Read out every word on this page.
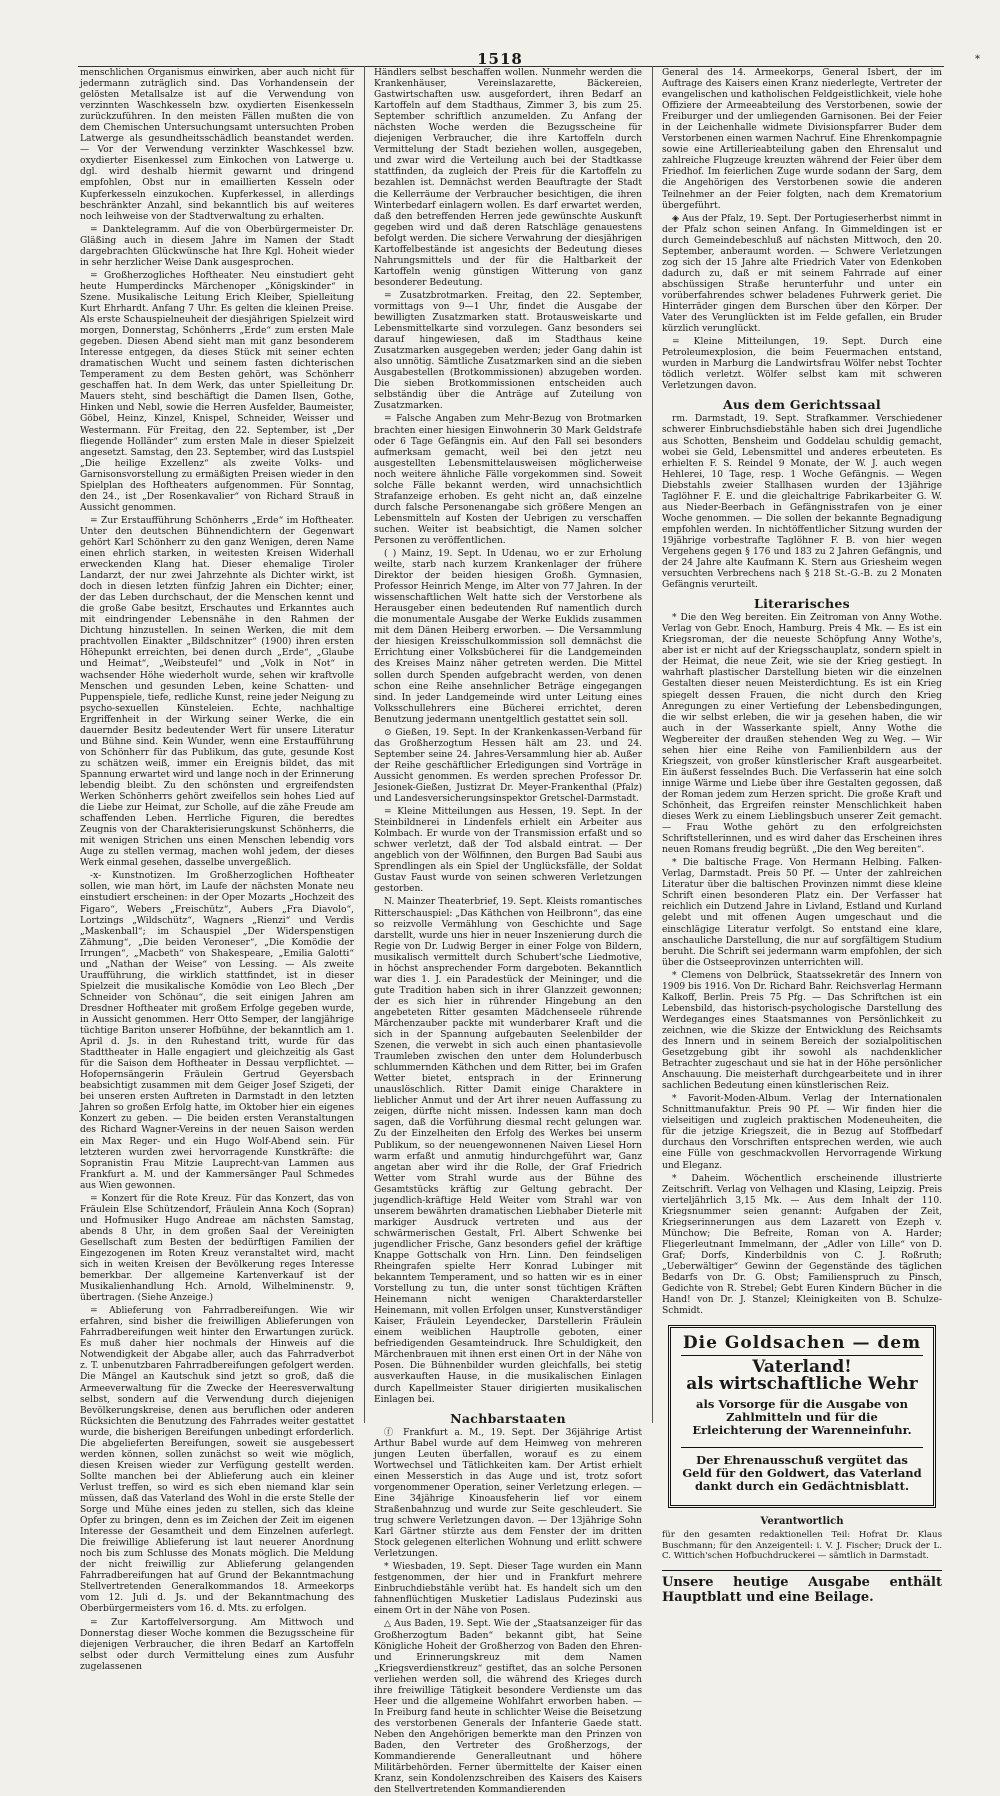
1518	*

menschlichen Organismus einwirken, aber auch nicht für jedermann zuträglich sind. Das Vorhandensein der gelösten Metallsalze ist auf die Verwendung von verzinnten Waschkesseln bzw. oxydierten Eisenkesseln zurückzuführen. In den meisten Fällen mußten die von dem Chemischen Untersuchungsamt untersuchten Proben Latwerge als gesundheitsschädlich beanstandet werden. — Vor der Verwendung verzinkter Waschkessel bzw. oxydierter Eisenkessel zum Einkochen von Latwerge u. dgl. wird deshalb hiermit gewarnt und dringend empfohlen, Obst nur in emaillierten Kesseln oder Kupferkesseln einzukochen. Kupferkessel, in allerdings beschränkter Anzahl, sind bekanntlich bis auf weiteres noch leihweise von der Stadtverwaltung zu erhalten.

= Danktelegramm. Auf die von Oberbürgermeister Dr. Gläßing auch in diesem Jahre im Namen der Stadt dargebrachten Glückwünsche hat Ihre Kgl. Hoheit wieder in sehr herzlicher Weise Dank ausgesprochen.

= Großherzogliches Hoftheater. Neu einstudiert geht heute Humperdincks Märchenoper „Königskinder“ in Szene. Musikalische Leitung Erich Kleiber, Spielleitung Kurt Ehrhardt. Anfang 7 Uhr. Es gelten die kleinen Preise. Als erste Schauspielneuheit der diesjährigen Spielzeit wird morgen, Donnerstag, Schönherrs „Erde“ zum ersten Male gegeben. Diesen Abend sieht man mit ganz besonderem Interesse entgegen, da dieses Stück mit seiner echten dramatischen Wucht und seinem fasten dichterischen Temperament zu dem Besten gehört, was Schönherr geschaffen hat. In dem Werk, das unter Spielleitung Dr. Mauers steht, sind beschäftigt die Damen Ilsen, Gothe, Hinken und Nebl, sowie die Herren Ausfelder, Baumeister, Göbel, Heinz, Kinzel, Knispel, Schneider, Weisser und Westermann. Für Freitag, den 22. September, ist „Der fliegende Holländer“ zum ersten Male in dieser Spielzeit angesetzt. Samstag, den 23. September, wird das Lustspiel „Die heilige Exzellenz“ als zweite Volks- und Garnisonsvorstellung zu ermäßigten Preisen wieder in den Spielplan des Hoftheaters aufgenommen. Für Sonntag, den 24., ist „Der Rosenkavalier“ von Richard Strauß in Aussicht genommen.

= Zur Erstaufführung Schönherrs „Erde“ im Hoftheater. Unter den deutschen Bühnendichtern der Gegenwart gehört Karl Schönherr zu den ganz Wenigen, deren Name einen ehrlich starken, in weitesten Kreisen Widerhall erweckenden Klang hat. Dieser ehemalige Tiroler Landarzt, der nur zwei Jahrzehnte als Dichter wirkt, ist doch in diesen letzten fünfzig Jahren ein Dichter; einer, der das Leben durchschaut, der die Menschen kennt und die große Gabe besitzt, Erschautes und Erkanntes auch mit eindringender Lebensnähe in den Rahmen der Dichtung hinzustellen. In seinen Werken, die mit dem prachtvollen Einakter „Bildschnitzer“ (1900) ihren ersten Höhepunkt erreichten, bei denen durch „Erde“, „Glaube und Heimat“, „Weibsteufel“ und „Volk in Not“ in wachsender Höhe wiederholt wurde, sehen wir kraftvolle Menschen und gesunden Leben, keine Schatten- und Puppenspiele, tiefe, redliche Kunst, reine jeder Neigung zu psycho-sexuellen Künsteleien. Echte, nachhaltige Ergriffenheit in der Wirkung seiner Werke, die ein dauernder Besitz bedeutender Wert für unsere Literatur und Bühne sind. Kein Wunder, wenn eine Erstaufführung von Schönherr für das Publikum, das gute, gesunde Kost zu schätzen weiß, immer ein Ereignis bildet, das mit Spannung erwartet wird und lange noch in der Erinnerung lebendig bleibt. Zu den schönsten und ergreifendsten Werken Schönherrs gehört zweifellos sein hohes Lied auf die Liebe zur Heimat, zur Scholle, auf die zähe Freude am schaffenden Leben. Herrliche Figuren, die beredtes Zeugnis von der Charakterisierungskunst Schönherrs, die mit wenigen Strichen uns einen Menschen lebendig vors Auge zu stellen vermag, machen wohl jedem, der dieses Werk einmal gesehen, dasselbe unvergeßlich.

-x- Kunstnotizen. Im Großherzoglichen Hoftheater sollen, wie man hört, im Laufe der nächsten Monate neu einstudiert erscheinen: in der Oper Mozarts „Hochzeit des Figaro“, Webers „Freischütz“, Aubers „Fra Diavolo“, Lortzings „Wildschütz“, Wagners „Rienzi“ und Verdis „Maskenball“; im Schauspiel „Der Widerspenstigen Zähmung“, „Die beiden Veroneser“, „Die Komödie der Irrungen“, „Macbeth“ von Shakespeare, „Emilia Galotti“ und „Nathan der Weise“ von Lessing. — Als zweite Uraufführung, die wirklich stattfindet, ist in dieser Spielzeit die musikalische Komödie von Leo Blech „Der Schneider von Schönau“, die seit einigen Jahren am Dresdner Hoftheater mit großem Erfolge gegeben wurde, in Aussicht genommen. Herr Otto Semper, der langjährige tüchtige Bariton unserer Hofbühne, der bekanntlich am 1. April d. Js. in den Ruhestand tritt, wurde für das Stadttheater in Halle engagiert und gleichzeitig als Gast für die Saison dem Hoftheater in Dessau verpflichtet. — Hofopernsängerin Fräulein Gertrud Geyersbach beabsichtigt zusammen mit dem Geiger Josef Szigeti, der bei unseren ersten Auftreten in Darmstadt in den letzten Jahren so großen Erfolg hatte, im Oktober hier ein eigenes Konzert zu geben. — Die beiden ersten Veranstaltungen des Richard Wagner-Vereins in der neuen Saison werden ein Max Reger- und ein Hugo Wolf-Abend sein. Für letzteren wurden zwei hervorragende Kunstkräfte: die Sopranistin Frau Mitzie Lauprecht-van Lammen aus Frankfurt a. M. und der Kammersänger Paul Schmedes aus Wien gewonnen.

= Konzert für die Rote Kreuz. Für das Konzert, das von Fräulein Else Schützendorf, Fräulein Anna Koch (Sopran) und Hofmusiker Hugo Andreae am nächsten Samstag, abends 8 Uhr, in dem großen Saal der Vereinigten Gesellschaft zum Besten der bedürftigen Familien der Eingezogenen im Roten Kreuz veranstaltet wird, macht sich in weiten Kreisen der Bevölkerung reges Interesse bemerkbar. Der allgemeine Kartenverkauf ist der Musikalienhandlung Hch. Arnold, Wilhelminenstr. 9, übertragen. (Siehe Anzeige.)

= Ablieferung von Fahrradbereifungen. Wie wir erfahren, sind bisher die freiwilligen Ablieferungen von Fahrradbereifungen weit hinter den Erwartungen zurück. Es muß daher hier nochmals der Hinweis auf die Notwendigkeit der Abgabe aller, auch das Fahrradverbot z. T. unbenutzbaren Fahrradbereifungen gefolgert werden. Die Mängel an Kautschuk sind jetzt so groß, daß die Armeeverwaltung für die Zwecke der Heeresverwaltung selbst, sondern auf die Verwendung durch diejenigen Bevölkerungskreise, denen aus beruflichen oder anderen Rücksichten die Benutzung des Fahrrades weiter gestattet wurde, die bisherigen Bereifungen unbedingt erforderlich. Die abgelieferten Bereifungen, soweit sie ausgebessert werden können, sollen zunächst so weit wie möglich, diesen Kreisen wieder zur Verfügung gestellt werden. Sollte manchen bei der Ablieferung auch ein kleiner Verlust treffen, so wird es sich eben niemand klar sein müssen, daß das Vaterland des Wohl in die erste Stelle der Sorge und Mühe eines jeden zu stellen, sich das kleine Opfer zu bringen, denn es im Zeichen der Zeit im eigenen Interesse der Gesamtheit und dem Einzelnen auferlegt. Die freiwillige Ablieferung ist laut neuerer Anordnung noch bis zum Schlusse des Monats möglich. Die Meldung der nicht freiwillig zur Ablieferung gelangenden Fahrradbereifungen hat auf Grund der Bekanntmachung Stellvertretenden Generalkommandos 18. Armeekorps vom 12. Juli d. Js. und der Bekanntmachung des Oberbürgermeisters vom 16. d. Mts. zu erfolgen.

= Zur Kartoffelversorgung. Am Mittwoch und Donnerstag dieser Woche kommen die Bezugsscheine für diejenigen Verbraucher, die ihren Bedarf an Kartoffeln selbst oder durch Vermittelung eines zum Ausfuhr zugelassenen

Händlers selbst beschaffen wollen. Nunmehr werden die Krankenhäuser, Vereinslazarette, Bäckereien, Gastwirtschaften usw. ausgefordert, ihren Bedarf an Kartoffeln auf dem Stadthaus, Zimmer 3, bis zum 25. September schriftlich anzumelden. Zu Anfang der nächsten Woche werden die Bezugsscheine für diejenigen Verbraucher, die ihre Kartoffeln durch Vermittelung der Stadt beziehen wollen, ausgegeben, und zwar wird die Verteilung auch bei der Stadtkasse stattfinden, da zugleich der Preis für die Kartoffeln zu bezahlen ist. Demnächst werden Beauftragte der Stadt die Kellerräume der Verbraucher besichtigen, die ihren Winterbedarf einlagern wollen. Es darf erwartet werden, daß den betreffenden Herren jede gewünschte Auskunft gegeben wird und daß deren Ratschläge genauestens befolgt werden. Die sichere Verwahrung der diesjährigen Kartoffelbestände ist angesichts der Bedeutung dieses Nahrungsmittels und der für die Haltbarkeit der Kartoffeln wenig günstigen Witterung von ganz besonderer Bedeutung.

= Zusatzbrotmarken. Freitag, den 22. September, vormittags von 9—1 Uhr, findet die Ausgabe der bewilligten Zusatzmarken statt. Brotausweiskarte und Lebensmittelkarte sind vorzulegen. Ganz besonders sei darauf hingewiesen, daß im Stadthaus keine Zusatzmarken ausgegeben werden; jeder Gang dahin ist also unnötig. Sämtliche Zusatzmarken sind an die sieben Ausgabestellen (Brotkommissionen) abzugeben worden. Die sieben Brotkommissionen entscheiden auch selbständig über die Anträge auf Zuteilung von Zusatzmarken.

= Falsche Angaben zum Mehr-Bezug von Brotmarken brachten einer hiesigen Einwohnerin 30 Mark Geldstrafe oder 6 Tage Gefängnis ein. Auf den Fall sei besonders aufmerksam gemacht, weil bei den jetzt neu ausgestellten Lebensmittelausweisen möglicherweise noch weitere ähnliche Fälle vorgekommen sind. Soweit solche Fälle bekannt werden, wird unnachsichtlich Strafanzeige erhoben. Es geht nicht an, daß einzelne durch falsche Personenangabe sich größere Mengen an Lebensmitteln auf Kosten der Uebrigen zu verschaffen suchen. Weiter ist beabsichtigt, die Namen solcher Personen zu veröffentlichen.

( ) Mainz, 19. Sept. In Udenau, wo er zur Erholung weilte, starb nach kurzem Krankenlager der frühere Direktor der beiden hiesigen Großh. Gymnasien, Professor Heinrich Menge, im Alter von 77 Jahren. In der wissenschaftlichen Welt hatte sich der Verstorbene als Herausgeber einen bedeutenden Ruf namentlich durch die monumentale Ausgabe der Werke Euklids zusammen mit dem Dänen Heiberg erworben. — Die Versammlung der hiesigen Kreisschulkommission soll demnächst die Errichtung einer Volksbücherei für die Landgemeinden des Kreises Mainz näher getreten werden. Die Mittel sollen durch Spenden aufgebracht werden, von denen schon eine Reihe ansehnlicher Beträge eingegangen sind. In jeder Landgemeinde wird unter Leitung eines Volksschullehrers eine Bücherei errichtet, deren Benutzung jedermann unentgeltlich gestattet sein soll.

⊙ Gießen, 19. Sept. In der Krankenkassen-Verband für das Großherzogtum Hessen hält am 23. und 24. September seine 24. Jahres-Versammlung hier ab. Außer der Reihe geschäftlicher Erledigungen sind Vorträge in Aussicht genommen. Es werden sprechen Professor Dr. Jesionek-Gießen, Justizrat Dr. Meyer-Frankenthal (Pfalz) und Landesversicherungsinspektor Gretschel-Darmstadt.

= Kleine Mitteilungen aus Hessen, 19. Sept. In der Steinbildnerei in Lindenfels erhielt ein Arbeiter aus Kolmbach. Er wurde von der Transmission erfaßt und so schwer verletzt, daß der Tod alsbald eintrat. — Der angeblich von der Wölfinnen, den Burgen Bad Saubi aus Sprendlingen als ein Spiel der Unglücksfälle, der Soldat Gustav Faust wurde von seinen schweren Verletzungen gestorben.

N. Mainzer Theaterbrief, 19. Sept. Kleists romantisches Ritterschauspiel: „Das Käthchen von Heilbronn“, das eine so reizvolle Vermählung von Geschichte und Sage darstellt, wurde uns hier in neuer Inszenierung durch die Regie von Dr. Ludwig Berger in einer Folge von Bildern, musikalisch vermittelt durch Schubert'sche Liedmotive, in höchst ansprechender Form dargeboten. Bekanntlich war dies 1. J. ein Paradestück der Meininger, und die gute Tradition haben sich in ihrer Glanzzeit gewonnen; der es sich hier in rührender Hingebung an den angebeteten Ritter gesamten Mädchenseele rührende Märchenzauber packte mit wunderbarer Kraft und die sich in der Spannung aufgebauten Seelenbilder der Szenen, die verwebt in sich auch einen phantasievolle Traumleben zwischen den unter dem Holunderbusch schlummernden Käthchen und dem Ritter, bei im Grafen Wetter bietet, entsprach in der Erinnerung unauslöschlich. Ritter Damit einige Charaktere in lieblicher Anmut und der Art ihrer neuen Auffassung zu zeigen, dürfte nicht missen. Indessen kann man doch sagen, daß die Vorführung diesmal recht gelungen war. Zu der Einzelheiten den Erfolg des Werkes bei unserm Publikum, so der neuengewonnenen Naiven Liesel Horn warm erfaßt und anmutig hindurchgeführt war, Ganz angetan aber wird ihr die Rolle, der Graf Friedrich Wetter vom Strahl wurde aus der Bühne des Gesamtstücks kräftig zur Geltung gebracht. Der jugendlich-kräftige Held Weiter vom Strahl war von unserem bewährten dramatischen Liebhaber Dieterle mit markiger Ausdruck vertreten und aus der schwärmerischen Gestalt, Frl. Albert Schwenke bei jugendlicher Frische, Ganz besonders gefiel der kräftige Knappe Gottschalk von Hrn. Linn. Den feindseligen Rheingrafen spielte Herr Konrad Lubinger mit bekanntem Temperament, und so hatten wir es in einer Vorstellung zu tun, die unter sonst tüchtigen Kräften Heinemann nicht wenigen Charakterdarsteller Heinemann, mit vollen Erfolgen unser, Kunstverständiger Kaiser, Fräulein Leyendecker, Darstellerin Fräulein einem weiblichen Hauptrolle geboten, einer befriedigenden Gesamteindruck. Ihre Schuldigkeit, den Märchenbrauen mit ihnen erst einen Ort in der Nähe von Posen. Die Bühnenbilder wurden gleichfalls, bei stetig ausverkauften Hause, in die musikalischen Einlagen durch Kapellmeister Stauer dirigierten musikalischen Einlagen bei.

Nachbarstaaten

ⓕ Frankfurt a. M., 19. Sept. Der 36jährige Artist Arthur Babel wurde auf dem Heimweg von mehreren jungen Leuten überfallen, worauf es zu einem Wortwechsel und Tätlichkeiten kam. Der Artist erhielt einen Messerstich in das Auge und ist, trotz sofort vorgenommener Operation, seiner Verletzung erlegen. — Eine 34jährige Kinoausfeherin lief vor einem Straßenbahnzug und wurde zur Seite geschleudert. Sie trug schwere Verletzungen davon. — Der 13jährige Sohn Karl Gärtner stürzte aus dem Fenster der im dritten Stock gelegenen elterlichen Wohnung und erlitt schwere Verletzungen.

* Wiesbaden, 19. Sept. Dieser Tage wurden ein Mann festgenommen, der hier und in Frankfurt mehrere Einbruchdiebstähle verübt hat. Es handelt sich um den fahnenflüchtigen Musketier Ladislaus Pudezinski aus einem Ort in der Nähe von Posen.

△ Aus Baden, 19. Sept. Wie der „Staatsanzeiger für das Großherzogtum Baden“ bekannt gibt, hat Seine Königliche Hoheit der Großherzog von Baden den Ehren- und Erinnerungskreuz mit dem Namen „Kriegsverdienstkreuz“ gestiftet, das an solche Personen verliehen werden soll, die während des Krieges durch ihre freiwillige Tätigkeit besondere Verdienste um das Heer und die allgemeine Wohlfahrt erworben haben. — In Freiburg fand heute in schlichter Weise die Beisetzung des verstorbenen Generals der Infanterie Gaede statt. Neben den Angehörigen bemerkte man den Prinzen von Baden, den Vertreter des Großherzogs, der Kommandierende Generalleutnant und höhere Militärbehörden. Ferner übermittelte der Kaiser einen Kranz, sein Kondolenzschreiben des Kaisers des Kaisers den Stellvertretenden Kommandierenden

General des 14. Armeekorps, General Isbert, der im Auftrage des Kaisers einen Kranz niederlegte, Vertreter der evangelischen und katholischen Feldgeistlichkeit, viele hohe Offiziere der Armeeabteilung des Verstorbenen, sowie der Freiburger und der umliegenden Garnisonen. Bei der Feier in der Leichenhalle widmete Divisionspfarrer Buder dem Verstorbenen einen warmen Nachruf. Eine Ehrenkompagnie sowie eine Artillerieabteilung gaben den Ehrensalut und zahlreiche Flugzeuge kreuzten während der Feier über dem Friedhof. Im feierlichen Zuge wurde sodann der Sarg, dem die Angehörigen des Verstorbenen sowie die anderen Teilnehmer an der Feier folgten, nach dem Krematorium übergeführt.

◈ Aus der Pfalz, 19. Sept. Der Portugieserherbst nimmt in der Pfalz schon seinen Anfang. In Gimmeldingen ist er durch Gemeindebeschluß auf nächsten Mittwoch, den 20. September, anberaumt worden. — Schwere Verletzungen zog sich der 15 Jahre alte Friedrich Vater von Edenkoben dadurch zu, daß er mit seinem Fahrrade auf einer abschüssigen Straße herunterfuhr und unter ein vorüberfahrendes schwer beladenes Fuhrwerk geriet. Die Hinterräder gingen dem Burschen über den Körper. Der Vater des Verunglückten ist im Felde gefallen, ein Bruder kürzlich verunglückt.

= Kleine Mitteilungen, 19. Sept. Durch eine Petroleumexplosion, die beim Feuermachen entstand, wurden in Marburg die Landwirtsfrau Wölfer nebst Tochter tödlich verletzt. Wölfer selbst kam mit schweren Verletzungen davon.

Aus dem Gerichtssaal

rm. Darmstadt, 19. Sept. Strafkammer. Verschiedener schwerer Einbruchsdiebstähle haben sich drei Jugendliche aus Schotten, Bensheim und Goddelau schuldig gemacht, wobei sie Geld, Lebensmittel und anderes erbeuteten. Es erhielten F. S. Reindel 9 Monate, der W. J. auch wegen Hehlerei, 10 Tage, resp. 1 Woche Gefängnis. — Wegen Diebstahls zweier Stallhasen wurden der 13jährige Taglöhner F. E. und die gleichaltrige Fabrikarbeiter G. W. aus Nieder-Beerbach in Gefängnisstrafen von je einer Woche genommen. — Die sollen der bekannte Begnadigung empfohlen werden. In nichtöffentlicher Sitzung wurden der 19jährige vorbestrafte Taglöhner F. B. von hier wegen Vergehens gegen § 176 und 183 zu 2 Jahren Gefängnis, und der 24 Jahre alte Kaufmann K. Stern aus Griesheim wegen versuchten Verbrechens nach § 218 St.-G.-B. zu 2 Monaten Gefängnis verurteilt.

Literarisches

* Die den Weg bereiten. Ein Zeitroman von Anny Wothe. Verlag von Gebr. Enoch, Hamburg. Preis 4 Mk. — Es ist ein Kriegsroman, der die neueste Schöpfung Anny Wothe's, aber ist er nicht auf der Kriegsschauplatz, sondern spielt in der Heimat, die neue Zeit, wie sie der Krieg gestiegt. In wahrhaft plastischer Darstellung bieten wir die einzelnen Gestalten dieser neuen Meisterdichtung. Es ist ein Krieg spiegelt dessen Frauen, die nicht durch den Krieg Anregungen zu einer Vertiefung der Lebensbedingungen, die wir selbst erleben, die wir ja gesehen haben, die wir auch in der Wasserkante spielt, Anny Wothe die Wegbereiter der draußen stehenden Weg zu Weg. — Wir sehen hier eine Reihe von Familienbildern aus der Kriegszeit, von großer künstlerischer Kraft ausgearbeitet. Ein äußerst fesselndes Buch. Die Verfasserin hat eine solch innige Wärme und Liebe über ihre Gestalten gegossen, daß der Roman jedem zum Herzen spricht. Die große Kraft und Schönheit, das Ergreifen reinster Menschlichkeit haben dieses Werk zu einem Lieblingsbuch unserer Zeit gemacht. — Frau Wothe gehört zu den erfolgreichsten Schriftstellerinnen, und es wird daher das Erscheinen ihres neuen Romans freudig begrüßt. „Die den Weg bereiten“.

* Die baltische Frage. Von Hermann Helbing. Falken-Verlag, Darmstadt. Preis 50 Pf. — Unter der zahlreichen Literatur über die baltischen Provinzen nimmt diese kleine Schrift einen besonderen Platz ein. Der Verfasser hat reichlich ein Dutzend Jahre in Livland, Estland und Kurland gelebt und mit offenen Augen umgeschaut und die einschlägige Literatur verfolgt. So entstand eine klare, anschauliche Darstellung, die nur auf sorgfältigem Studium beruht. Die Schrift sei jedermann warm empfohlen, der sich über die Ostseeprovinzen unterrichten will.

* Clemens von Delbrück, Staatssekretär des Innern von 1909 bis 1916. Von Dr. Richard Bahr. Reichsverlag Hermann Kalkoff, Berlin. Preis 75 Pfg. — Das Schriftchen ist ein Lebensbild, das historisch-psychologische Darstellung des Werdeganges eines Staatsmannes von Persönlichkeit zu zeichnen, wie die Skizze der Entwicklung des Reichsamts des Innern und in seinem Bereich der sozialpolitischen Gesetzgebung gibt ihr sowohl als nachdenklicher Betrachter zugeschaut und sie hat in der Höhe persönlicher Anschauung. Die meisterhaft durchgearbeitete und in ihrer sachlichen Bedeutung einen künstlerischen Reiz.

* Favorit-Moden-Album. Verlag der Internationalen Schnittmanufaktur. Preis 90 Pf. — Wir finden hier die vielseitigen und zugleich praktischen Modeneuheiten, die für die jetzige Kriegszeit, die in Bezug auf Stoffbedarf durchaus den Vorschriften entsprechen werden, wie auch eine Fülle von geschmackvollen Hervorragende Wirkung und Eleganz.

* Daheim. Wöchentlich erscheinende illustrierte Zeitschrift. Verlag von Velhagen und Klasing, Leipzig. Preis vierteljährlich 3,15 Mk. — Aus dem Inhalt der 110. Kriegsnummer seien genannt: Aufgaben der Zeit, Kriegserinnerungen aus dem Lazarett von Ezeph v. Münchow; Die Befreite, Roman von A. Harder; Fliegerleutnant Immelmann, der „Adler von Lille“ von D. Graf; Dorfs, Kinderbildnis von C. J. Roßruth; „Ueberwältiger“ Gewinn der Gegenstände des täglichen Bedarfs von Dr. G. Obst; Familienspruch zu Pinsch, Gedichte von R. Strebel; Gebt Euren Kindern Bücher in die Hand! von Dr. J. Stanzel; Kleinigkeiten von B. Schulze-Schmidt.

Die Goldsachen — dem
Vaterland!
als wirtschaftliche Wehr
als Vorsorge für die Ausgabe von Zahlmitteln und für die Erleichterung der Warenneinfuhr.
Der Ehrenausschuß vergütet das Geld für den Goldwert, das Vaterland dankt durch ein Gedächtnisblatt.
Verantwortlich

für den gesamten redaktionellen Teil: Hofrat Dr. Klaus Buschmann; für den Anzeigenteil: i. V. J. Fischer; Druck der L. C. Wittich'schen Hofbuchdruckerei — sämtlich in Darmstadt.

Unsere heutige Ausgabe enthält Hauptblatt und eine Beilage.
